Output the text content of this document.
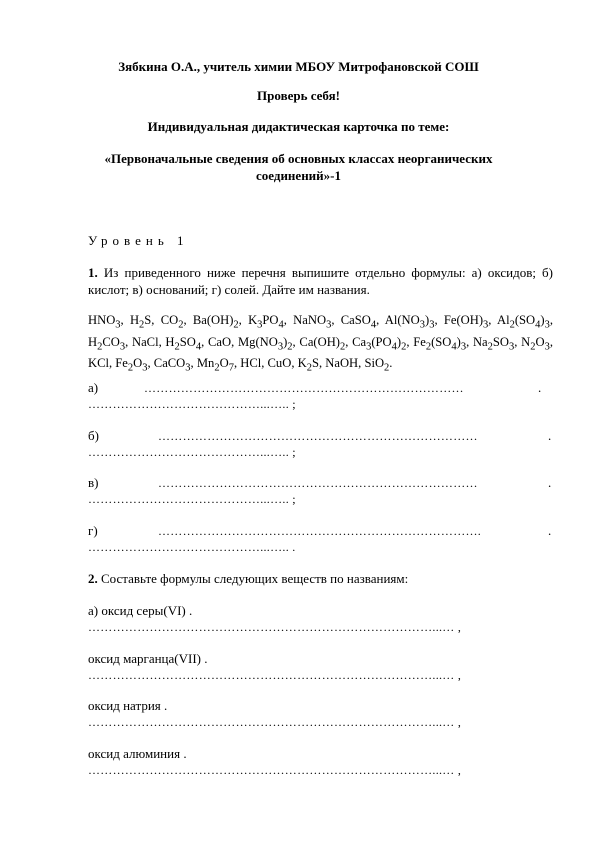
Зябкина О.А., учитель химии МБОУ Митрофановской СОШ
Проверь себя!
Индивидуальная дидактическая карточка по теме:
«Первоначальные сведения об основных классах неорганических
соединений»-1
Уровень 1
1. Из приведенного ниже перечня выпишите отдельно формулы: а) оксидов; б) кислот; в) оснований; г) солей. Дайте им названия.
$HNO_3$, $H_2S$, $CO_2$, $Ba(OH)_2$, $K_3PO_4$, NaNO$_3$, CaSO$_4$, $Al(NO_3)_3$, $Fe(OH)_3$, $Al_2(SO_4)_3$, $H_2CO_3$, NaCl, $H_2SO_4$, CaO, $Mg(NO_3)_2$, $Ca(OH)_2$, $Ca_3(PO_4)_2$, $Fe_2(SO_4)_3$, $Na_2SO_3$, $N_2O_3$, KCl, $Fe_2O_3$, CaCO$_3$, $Mn_2O_7$, HCl, CuO, $K_2S$, NaOH, SiO$_2$.
а)	……………………………………………………………………	.
……………………………………...….. ;
б)	……………………………………………………………………	.
……………………………………...….. ;
в)	……………………………………………………………………	.
……………………………………...….. ;
г)	…………………………………………………………………….	.
……………………………………...….. .
2. Составьте формулы следующих веществ по названиям:
а) оксид серы(VI) .
…………………………………………………………………………...… ,
оксид марганца(VII) .
…………………………………………………………………………...… ,
оксид натрия .
…………………………………………………………………………...… ,
оксид алюминия .
…………………………………………………………………………...… ,
